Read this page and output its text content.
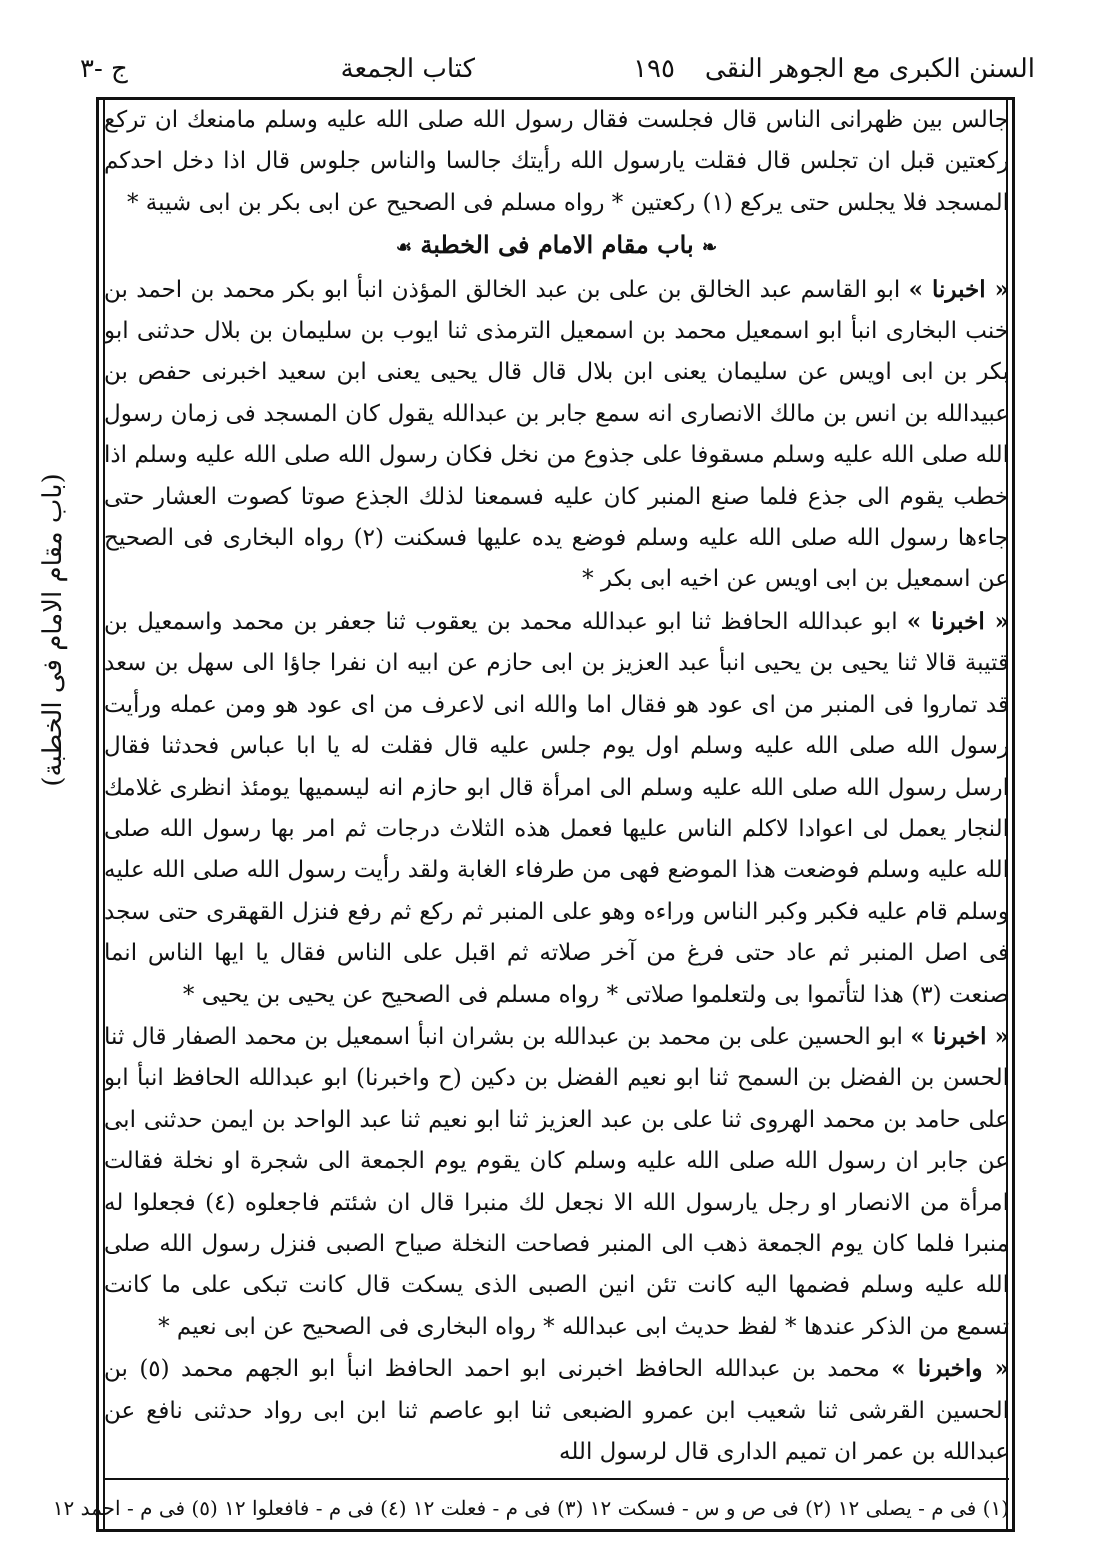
السنن الكبرى مع الجوهر النقى
١٩٥
كتاب الجمعة
ج -٣
(باب مقام الامام فى الخطبة)

جالس بين ظهرانى الناس قال فجلست فقال رسول الله صلى الله عليه وسلم مامنعك ان تركع ركعتين قبل ان تجلس قال فقلت يارسول الله رأيتك جالسا والناس جلوس قال اذا دخل احدكم المسجد فلا يجلس حتى يركع (١) ركعتين * رواه مسلم فى الصحيح عن ابى بكر بن ابى شيبة *

❧ باب مقام الامام فى الخطبة ☙

« اخبرنا » ابو القاسم عبد الخالق بن على بن عبد الخالق المؤذن انبأ ابو بكر محمد بن احمد بن خنب البخارى انبأ ابو اسمعيل محمد بن اسمعيل الترمذى ثنا ايوب بن سليمان بن بلال حدثنى ابو بكر بن ابى اويس عن سليمان يعنى ابن بلال قال قال يحيى يعنى ابن سعيد اخبرنى حفص بن عبيدالله بن انس بن مالك الانصارى انه سمع جابر بن عبدالله يقول كان المسجد فى زمان رسول الله صلى الله عليه وسلم مسقوفا على جذوع من نخل فكان رسول الله صلى الله عليه وسلم اذا خطب يقوم الى جذع فلما صنع المنبر كان عليه فسمعنا لذلك الجذع صوتا كصوت العشار حتى جاءها رسول الله صلى الله عليه وسلم فوضع يده عليها فسكنت (٢) رواه البخارى فى الصحيح عن اسمعيل بن ابى اويس عن اخيه ابى بكر *

« اخبرنا » ابو عبدالله الحافظ ثنا ابو عبدالله محمد بن يعقوب ثنا جعفر بن محمد واسمعيل بن قتيبة قالا ثنا يحيى بن يحيى انبأ عبد العزيز بن ابى حازم عن ابيه ان نفرا جاؤا الى سهل بن سعد قد تماروا فى المنبر من اى عود هو فقال اما والله انى لاعرف من اى عود هو ومن عمله ورأيت رسول الله صلى الله عليه وسلم اول يوم جلس عليه قال فقلت له يا ابا عباس فحدثنا فقال ارسل رسول الله صلى الله عليه وسلم الى امرأة قال ابو حازم انه ليسميها يومئذ انظرى غلامك النجار يعمل لى اعوادا لاكلم الناس عليها فعمل هذه الثلاث درجات ثم امر بها رسول الله صلى الله عليه وسلم فوضعت هذا الموضع فهى من طرفاء الغابة ولقد رأيت رسول الله صلى الله عليه وسلم قام عليه فكبر وكبر الناس وراءه وهو على المنبر ثم ركع ثم رفع فنزل القهقرى حتى سجد فى اصل المنبر ثم عاد حتى فرغ من آخر صلاته ثم اقبل على الناس فقال يا ايها الناس انما صنعت (٣) هذا لتأتموا بى ولتعلموا صلاتى * رواه مسلم فى الصحيح عن يحيى بن يحيى *

« اخبرنا » ابو الحسين على بن محمد بن عبدالله بن بشران انبأ اسمعيل بن محمد الصفار قال ثنا الحسن بن الفضل بن السمح ثنا ابو نعيم الفضل بن دكين (ح واخبرنا) ابو عبدالله الحافظ انبأ ابو على حامد بن محمد الهروى ثنا على بن عبد العزيز ثنا ابو نعيم ثنا عبد الواحد بن ايمن حدثنى ابى عن جابر ان رسول الله صلى الله عليه وسلم كان يقوم يوم الجمعة الى شجرة او نخلة فقالت امرأة من الانصار او رجل يارسول الله الا نجعل لك منبرا قال ان شئتم فاجعلوه (٤) فجعلوا له منبرا فلما كان يوم الجمعة ذهب الى المنبر فصاحت النخلة صياح الصبى فنزل رسول الله صلى الله عليه وسلم فضمها اليه كانت تئن انين الصبى الذى يسكت قال كانت تبكى على ما كانت تسمع من الذكر عندها * لفظ حديث ابى عبدالله * رواه البخارى فى الصحيح عن ابى نعيم *

« واخبرنا » محمد بن عبدالله الحافظ اخبرنى ابو احمد الحافظ انبأ ابو الجهم محمد (٥) بن الحسين القرشى ثنا شعيب ابن عمرو الضبعى ثنا ابو عاصم ثنا ابن ابى رواد حدثنى نافع عن عبدالله بن عمر ان تميم الدارى قال لرسول الله

(١) فى م - يصلى ١٢ (٢) فى ص و س - فسكت ١٢ (٣) فى م - فعلت ١٢ (٤) فى م - فافعلوا ١٢ (٥) فى م - احمد ١٢
